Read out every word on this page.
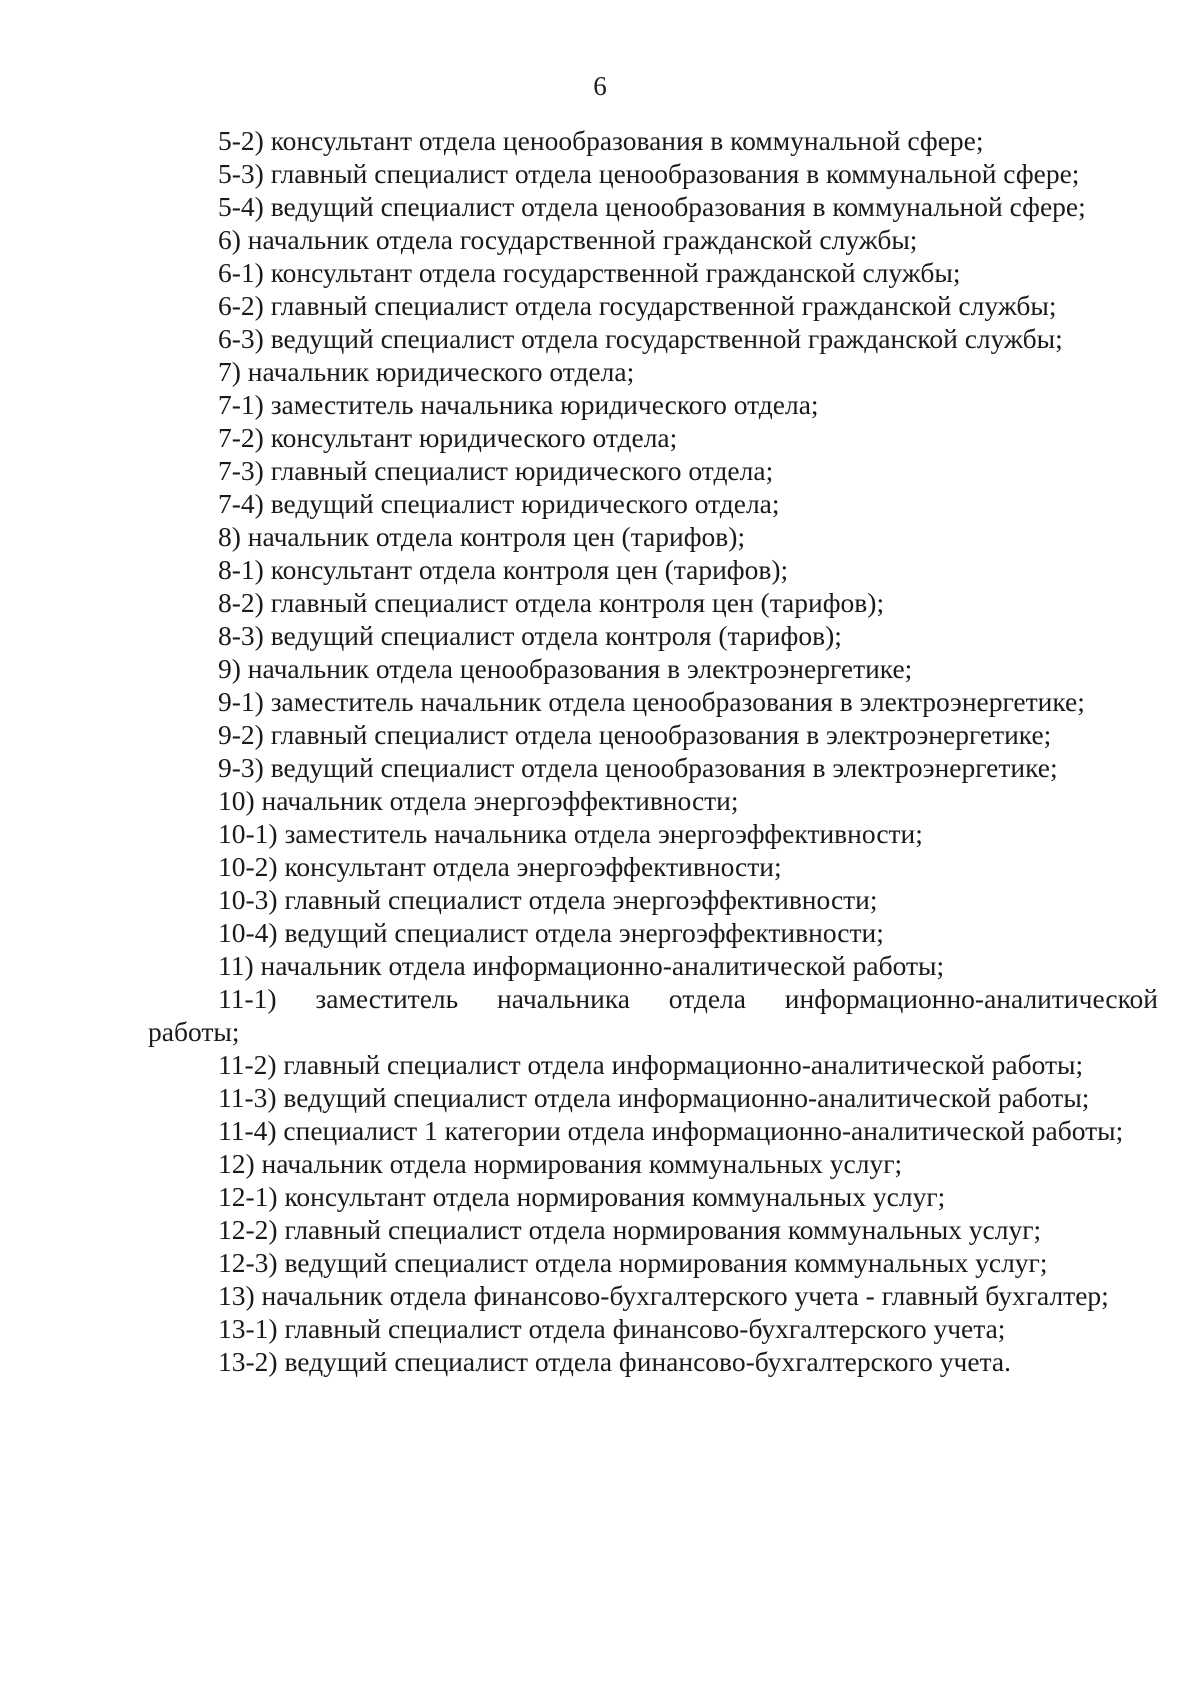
6
5-2) консультант отдела ценообразования в коммунальной сфере;
5-3) главный специалист отдела ценообразования в коммунальной сфере;
5-4) ведущий специалист отдела ценообразования в коммунальной сфере;
6) начальник отдела государственной гражданской службы;
6-1) консультант отдела государственной гражданской службы;
6-2) главный специалист отдела государственной гражданской службы;
6-3) ведущий специалист отдела государственной гражданской службы;
7) начальник юридического отдела;
7-1) заместитель начальника юридического отдела;
7-2) консультант юридического отдела;
7-3) главный специалист юридического отдела;
7-4) ведущий специалист юридического отдела;
8) начальник отдела контроля цен (тарифов);
8-1) консультант отдела контроля цен (тарифов);
8-2) главный специалист отдела контроля цен (тарифов);
8-3) ведущий специалист отдела контроля (тарифов);
9) начальник отдела ценообразования в электроэнергетике;
9-1) заместитель начальник отдела ценообразования в электроэнергетике;
9-2) главный специалист отдела ценообразования в электроэнергетике;
9-3) ведущий специалист отдела ценообразования в электроэнергетике;
10) начальник отдела энергоэффективности;
10-1) заместитель начальника отдела энергоэффективности;
10-2) консультант отдела энергоэффективности;
10-3) главный специалист отдела энергоэффективности;
10-4) ведущий специалист отдела энергоэффективности;
11) начальник отдела информационно-аналитической работы;
11-1) заместитель начальника отдела информационно-аналитической
работы;
11-2) главный специалист отдела информационно-аналитической работы;
11-3) ведущий специалист отдела информационно-аналитической работы;
11-4) специалист 1 категории отдела информационно-аналитической работы;
12) начальник отдела нормирования коммунальных услуг;
12-1) консультант отдела нормирования коммунальных услуг;
12-2) главный специалист отдела нормирования коммунальных услуг;
12-3) ведущий специалист отдела нормирования коммунальных услуг;
13) начальник отдела финансово-бухгалтерского учета - главный бухгалтер;
13-1) главный специалист отдела финансово-бухгалтерского учета;
13-2) ведущий специалист отдела финансово-бухгалтерского учета.
